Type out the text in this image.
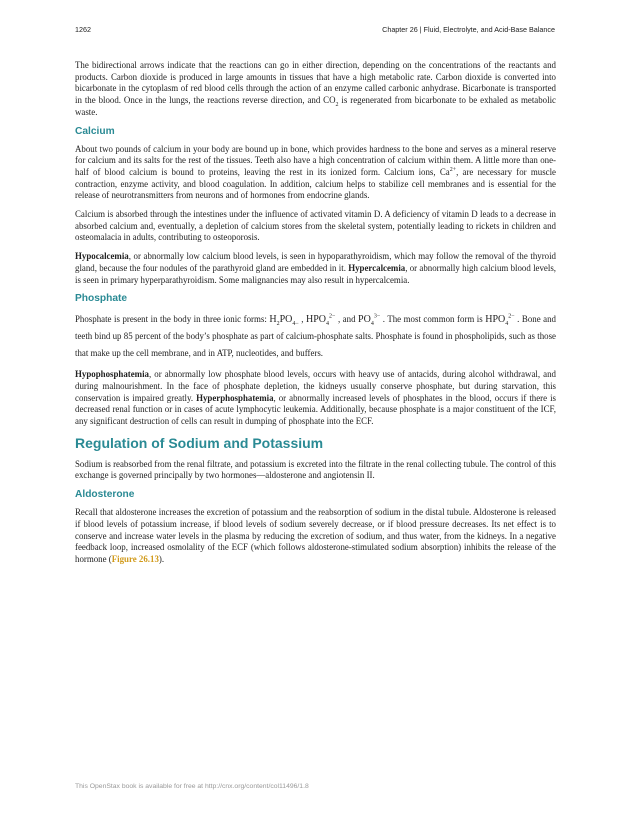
1262	Chapter 26 | Fluid, Electrolyte, and Acid-Base Balance

The bidirectional arrows indicate that the reactions can go in either direction, depending on the concentrations of the reactants and products. Carbon dioxide is produced in large amounts in tissues that have a high metabolic rate. Carbon dioxide is converted into bicarbonate in the cytoplasm of red blood cells through the action of an enzyme called carbonic anhydrase. Bicarbonate is transported in the blood. Once in the lungs, the reactions reverse direction, and $CO_2$ is regenerated from bicarbonate to be exhaled as metabolic waste.

Calcium

About two pounds of calcium in your body are bound up in bone, which provides hardness to the bone and serves as a mineral reserve for calcium and its salts for the rest of the tissues. Teeth also have a high concentration of calcium within them. A little more than one-half of blood calcium is bound to proteins, leaving the rest in its ionized form. Calcium ions, $Ca^{2+}$, are necessary for muscle contraction, enzyme activity, and blood coagulation. In addition, calcium helps to stabilize cell membranes and is essential for the release of neurotransmitters from neurons and of hormones from endocrine glands.

Calcium is absorbed through the intestines under the influence of activated vitamin D. A deficiency of vitamin D leads to a decrease in absorbed calcium and, eventually, a depletion of calcium stores from the skeletal system, potentially leading to rickets in children and osteomalacia in adults, contributing to osteoporosis.

Hypocalcemia, or abnormally low calcium blood levels, is seen in hypoparathyroidism, which may follow the removal of the thyroid gland, because the four nodules of the parathyroid gland are embedded in it. Hypercalcemia, or abnormally high calcium blood levels, is seen in primary hyperparathyroidism. Some malignancies may also result in hypercalcemia.

Phosphate

Phosphate is present in the body in three ionic forms: $H_2PO_{4-}$ , $HPO_4^{2-}$ , and $PO_4^{3-}$ . The most common form is $HPO_4^{2-}$ . Bone and teeth bind up 85 percent of the body’s phosphate as part of calcium-phosphate salts. Phosphate is found in phospholipids, such as those that make up the cell membrane, and in ATP, nucleotides, and buffers.

Hypophosphatemia, or abnormally low phosphate blood levels, occurs with heavy use of antacids, during alcohol withdrawal, and during malnourishment. In the face of phosphate depletion, the kidneys usually conserve phosphate, but during starvation, this conservation is impaired greatly. Hyperphosphatemia, or abnormally increased levels of phosphates in the blood, occurs if there is decreased renal function or in cases of acute lymphocytic leukemia. Additionally, because phosphate is a major constituent of the ICF, any significant destruction of cells can result in dumping of phosphate into the ECF.

Regulation of Sodium and Potassium

Sodium is reabsorbed from the renal filtrate, and potassium is excreted into the filtrate in the renal collecting tubule. The control of this exchange is governed principally by two hormones—aldosterone and angiotensin II.

Aldosterone

Recall that aldosterone increases the excretion of potassium and the reabsorption of sodium in the distal tubule. Aldosterone is released if blood levels of potassium increase, if blood levels of sodium severely decrease, or if blood pressure decreases. Its net effect is to conserve and increase water levels in the plasma by reducing the excretion of sodium, and thus water, from the kidneys. In a negative feedback loop, increased osmolality of the ECF (which follows aldosterone-stimulated sodium absorption) inhibits the release of the hormone (Figure 26.13).

This OpenStax book is available for free at http://cnx.org/content/col11496/1.8
